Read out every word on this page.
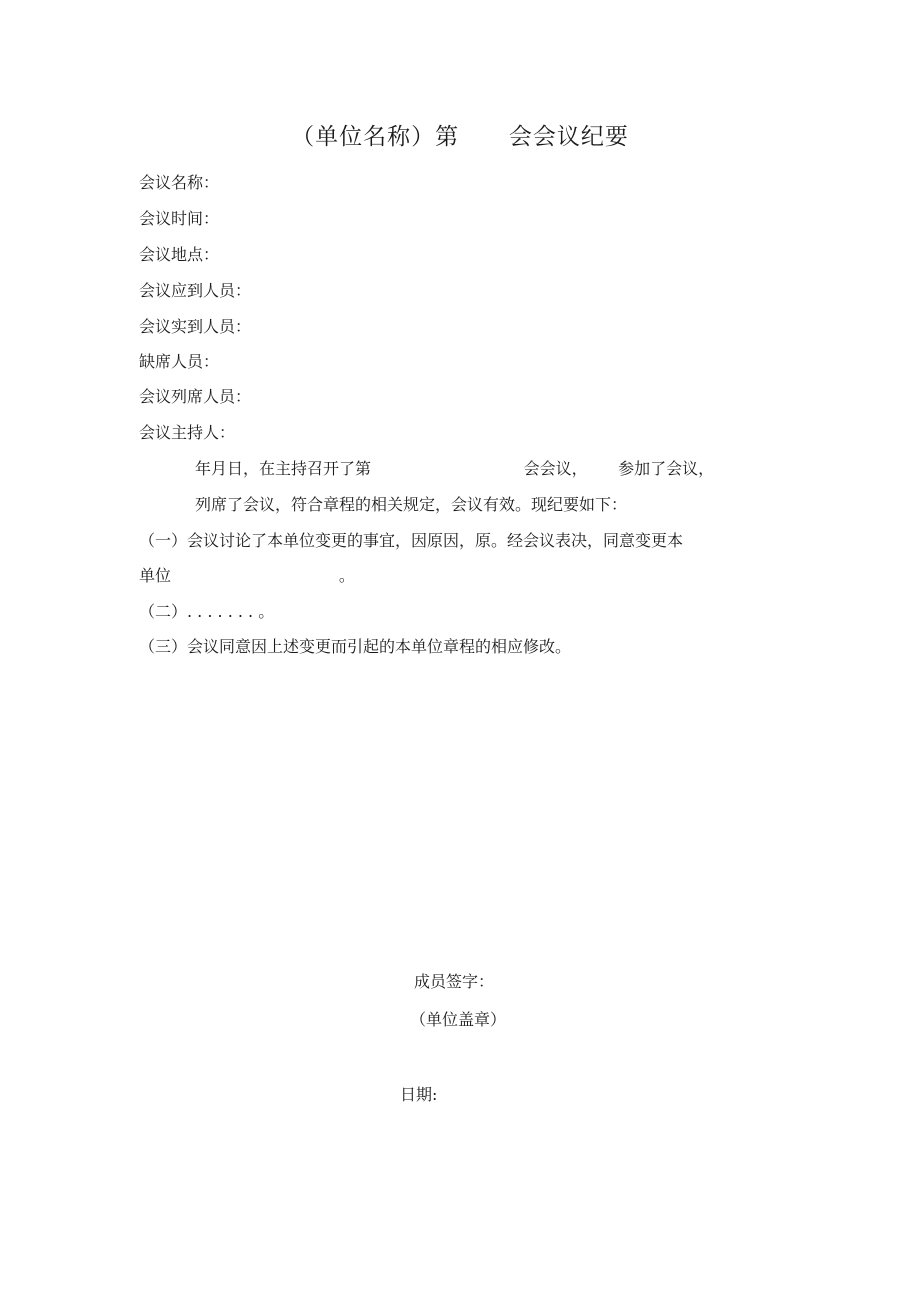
（单位名称）第      会会议纪要
会议名称：
会议时间：
会议地点：
会议应到人员：
会议实到人员：
缺席人员：
会议列席人员：
会议主持人：
年月日，在主持召开了第                              会会议，      参加了会议，
列席了会议，符合章程的相关规定，会议有效。现纪要如下：
（一）会议讨论了本单位变更的事宜，因原因，原。经会议表决，同意变更本
单位                                 。
（二）. . . . . . . 。
（三）会议同意因上述变更而引起的本单位章程的相应修改。
成员签字：
（单位盖章）
日期:
